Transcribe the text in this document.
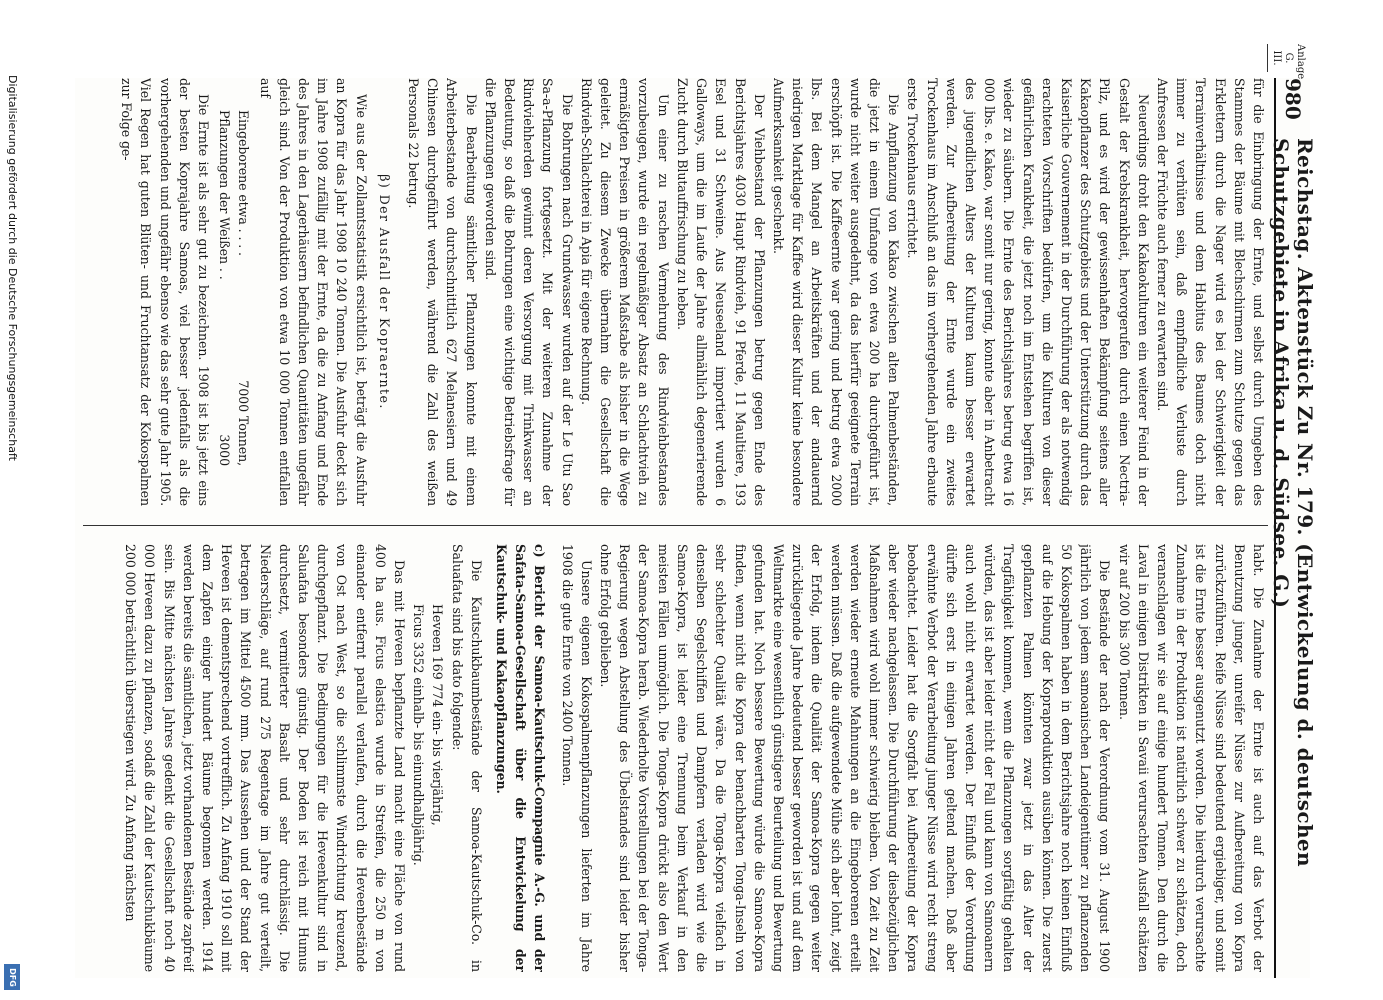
Digitalisierung gefördert durch die Deutsche Forschungsgemeinschaft
DFG
980
Reichstag. Aktenstück Zu Nr. 179. (Entwickelung d. deutschen Schutzgebiete in Afrika u. d. Südsee. G.)

für die Einbringung der Ernte, und selbst durch Umgeben des Stammes der Bäume mit Blechschirmen zum Schutze gegen das Erklettern durch die Nager wird es bei der Schwierigkeit der Terrainverhältnisse und dem Habitus des Baumes doch nicht immer zu verhüten sein, daß empfindliche Verluste durch Anfressen der Früchte auch ferner zu erwarten sind.

Neuerdings droht den Kakaokulturen ein weiterer Feind in der Gestalt der Krebskrankheit, hervorgerufen durch einen Nectria-Pilz, und es wird der gewissenhaften Bekämpfung seitens aller Kakaopflanzer des Schutzgebiets und der Unterstützung durch das Kaiserliche Gouvernement in der Durchführung der als notwendig erachteten Vorschriften bedürfen, um die Kulturen von dieser gefährlichen Krankheit, die jetzt noch im Entstehen begriffen ist, wieder zu säubern. Die Ernte des Berichtsjahres betrug etwa 16 000 lbs. e. Kakao, war somit nur gering, konnte aber in Anbetracht des jugendlichen Alters der Kulturen kaum besser erwartet werden. Zur Aufbereitung der Ernte wurde ein zweites Trockenhaus im Anschluß an das im vorhergehenden Jahre erbaute erste Trockenhaus errichtet.

Die Anpflanzung von Kakao zwischen alten Palmenbeständen, die jetzt in einem Umfange von etwa 200 ha durchgeführt ist, wurde nicht weiter ausgedehnt, da das hierfür geeignete Terrain erschöpft ist. Die Kaffeeernte war gering und betrug etwa 2000 lbs. Bei dem Mangel an Arbeitskräften und der andauernd niedrigen Marktlage für Kaffee wird dieser Kultur keine besondere Aufmerksamkeit geschenkt.

Der Viehbestand der Pflanzungen betrug gegen Ende des Berichtsjahres 4030 Haupt Rindvieh, 91 Pferde, 11 Maultiere, 193 Esel und 31 Schweine. Aus Neuseeland importiert wurden 6 Galloways, um die im Laufe der Jahre allmählich degenerierende Zucht durch Blutauffrischung zu heben.

Um einer zu raschen Vermehrung des Rindviehbestandes vorzubeugen, wurde ein regelmäßiger Absatz an Schlachtvieh zu ermäßigten Preisen in größerem Maßstabe als bisher in die Wege geleitet. Zu diesem Zwecke übernahm die Gesellschaft die Rindvieh-Schlachterei in Apia für eigene Rechnung.

Die Bohrungen nach Grundwasser wurden auf der Le Utu Sao Sa-a-Pflanzung fortgesetzt. Mit der weiteren Zunahme der Rindviehherden gewinnt deren Versorgung mit Trinkwasser an Bedeutung, so daß die Bohrungen eine wichtige Betriebsfrage für die Pflanzungen geworden sind.

Die Bearbeitung sämtlicher Pflanzungen konnte mit einem Arbeiterbestande von durchschnittlich 627 Melanesiern und 49 Chinesen durchgeführt werden, während die Zahl des weißen Personals 22 betrug.

β) Der Ausfall der Kopraernte.

Wie aus der Zollamtsstatistik ersichtlich ist, beträgt die Ausfuhr an Kopra für das Jahr 1908 10 240 Tonnen. Die Ausfuhr deckt sich im Jahre 1908 zufällig mit der Ernte, da die zu Anfang und Ende des Jahres in den Lagerhäusern befindlichen Quantitäten ungefähr gleich sind. Von der Produktion von etwa 10 000 Tonnen entfallen auf

Eingeborene etwa . . . .
7000 Tonnen,
Pflanzungen der Weißen . .
3000

Die Ernte ist als sehr gut zu bezeichnen. 1908 ist bis jetzt eins der besten Koprajahre Samoas, viel besser jedenfalls als die vorhergehenden und ungefähr ebenso wie das sehr gute Jahr 1905. Viel Regen hat guten Blüten- und Fruchtansatz der Kokospalmen zur Folge ge-

habt. Die Zunahme der Ernte ist auch auf das Verbot der Benutzung junger, unreifer Nüsse zur Aufbereitung von Kopra zurückzuführen. Reife Nüsse sind bedeutend ergiebiger, und somit ist die Ernte besser ausgenutzt worden. Die hierdurch verursachte Zunahme in der Produktion ist natürlich schwer zu schätzen, doch veranschlagen wir sie auf einige hundert Tonnen. Den durch die Laval in einigen Distrikten in Savaii verursachten Ausfall schätzen wir auf 200 bis 300 Tonnen.

Die Bestände der nach der Verordnung vom 31. August 1900 jährlich von jedem samoanischen Landeigentümer zu pflanzenden 50 Kokospalmen haben in dem Berichtsjahre noch keinen Einfluß auf die Hebung der Kopraproduktion ausüben können. Die zuerst gepflanzten Palmen könnten zwar jetzt in das Alter der Tragfähigkeit kommen, wenn die Pflanzungen sorgfältig gehalten würden, das ist aber leider nicht der Fall und kann von Samoanern auch wohl nicht erwartet werden. Der Einfluß der Verordnung dürfte sich erst in einigen Jahren geltend machen. Daß aber erwähnte Verbot der Verarbeitung junger Nüsse wird recht streng beobachtet. Leider hat die Sorgfalt bei Aufbereitung der Kopra aber wieder nachgelassen. Die Durchführung der diesbezüglichen Maßnahmen wird wohl immer schwierig bleiben. Von Zeit zu Zeit werden wieder erneute Mahnungen an die Eingeborenen erteilt werden müssen. Daß die aufgewendete Mühe sich aber lohnt, zeigt der Erfolg, indem die Qualität der Samoa-Kopra gegen weiter zurückliegende Jahre bedeutend besser geworden ist und auf dem Weltmarkte eine wesentlich günstigere Beurteilung und Bewertung gefunden hat. Noch bessere Bewertung würde die Samoa-Kopra finden, wenn nicht die Kopra der benachbarten Tonga-Inseln von sehr schlechter Qualität wäre. Da die Tonga-Kopra vielfach in denselben Segelschiffen und Dampfern verladen wird wie die Samoa-Kopra, ist leider eine Trennung beim Verkauf in den meisten Fällen unmöglich. Die Tonga-Kopra drückt also den Wert der Samoa-Kopra herab. Wiederholte Vorstellungen bei der Tonga-Regierung wegen Abstellung des Übelstandes sind leider bisher ohne Erfolg geblieben.

Unsere eigenen Kokospalmenpflanzungen lieferten im Jahre 1908 die gute Ernte von 2400 Tonnen.

c) Bericht der Samoa-Kautschuk-Compagnie A.-G. und der Safata-Samoa-Gesellschaft über die Entwickelung der Kautschuk- und Kakaopflanzungen.

Die Kautschukbaumbestände der Samoa-Kautschuk-Co. in Saluafata sind bis dato folgende:

Heveen 169 774 ein- bis vierjährig,

Ficus 3352 einhalb- bis einundhalbjährig.

Das mit Heveen bepflanzte Land macht eine Fläche von rund 400 ha aus. Ficus elastica wurde in Streifen, die 250 m von einander entfernt parallel verlaufen, durch die Heveenbestände von Ost nach West, so die schlimmste Windrichtung kreuzend, durchgepflanzt. Die Bedingungen für die Heveenkultur sind in Saluafata besonders günstig. Der Boden ist reich mit Humus durchsetzt, vermitterter Basalt und sehr durchlässig. Die Niederschläge, auf rund 275 Regentage im Jahre gut verteilt, betragen im Mittel 4500 mm. Das Aussehen und der Stand der Heveen ist dementsprechend vortrefflich. Zu Anfang 1910 soll mit dem Zapfen einiger hundert Bäume begonnen werden. 1914 werden bereits die sämtlichen, jetzt vorhandenen Bestände zapfreif sein. Bis Mitte nächsten Jahres gedenkt die Gesellschaft noch 40 000 Heveen dazu zu pflanzen, sodaß die Zahl der Kautschukbäume 200 000 beträchtlich überstiegen wird. Zu Anfang nächsten

Anlage G. III.
